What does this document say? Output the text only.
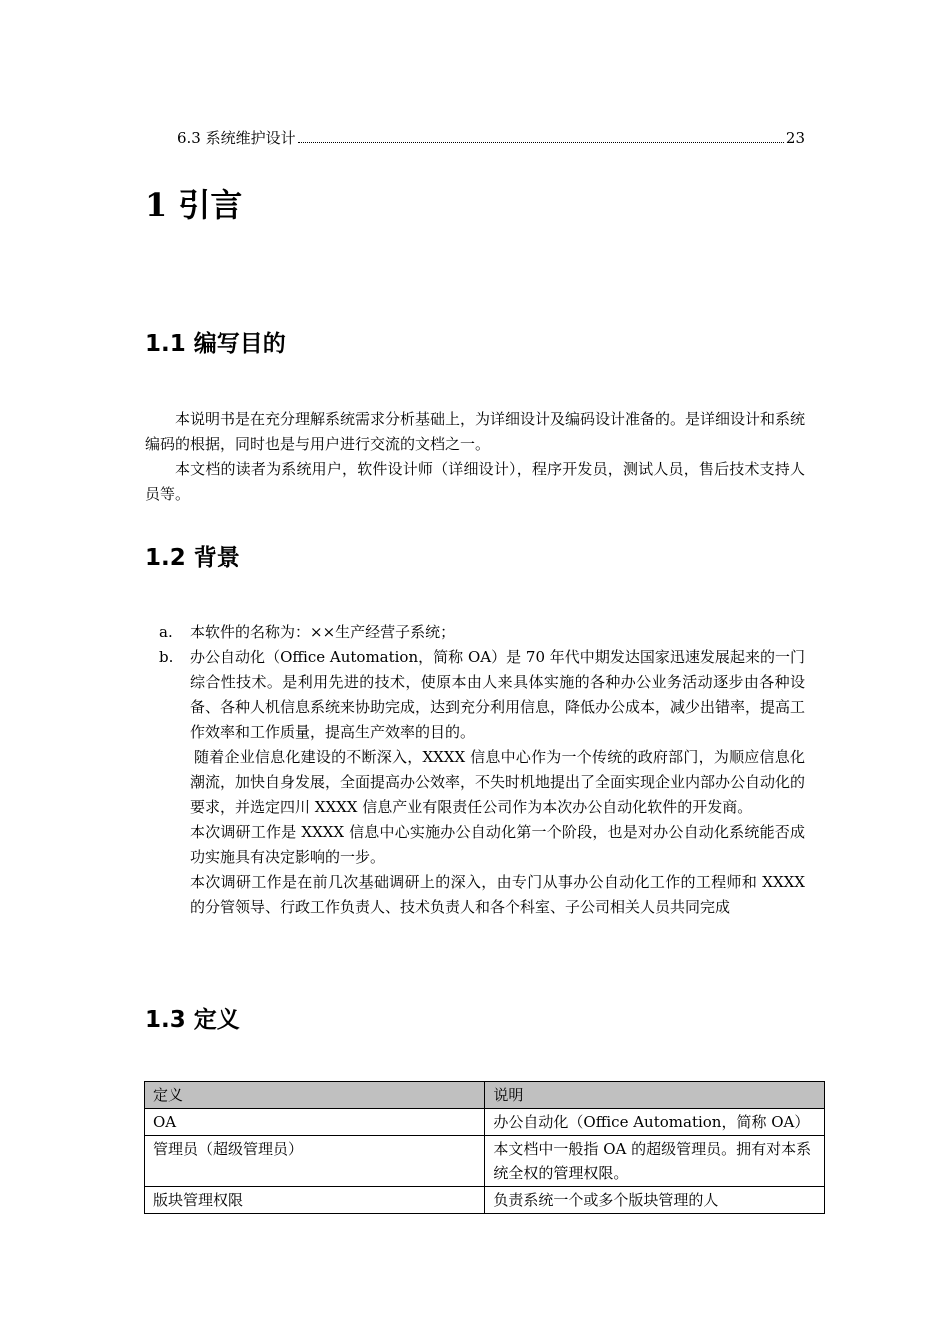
6.3 系统维护设计	23
1 引言
1.1 编写目的

本说明书是在充分理解系统需求分析基础上，为详细设计及编码设计准备的。是详细设计和系统编码的根据，同时也是与用户进行交流的文档之一。

本文档的读者为系统用户，软件设计师（详细设计），程序开发员，测试人员，售后技术支持人员等。

1.2 背景
a.	本软件的名称为：××生产经营子系统；
b.	办公自动化（Office Automation，简称 OA）是 70 年代中期发达国家迅速发展起来的一门综合性技术。是利用先进的技术，使原本由人来具体实施的各种办公业务活动逐步由各种设备、各种人机信息系统来协助完成，达到充分利用信息，降低办公成本，减少出错率，提高工作效率和工作质量，提高生产效率的目的。

随着企业信息化建设的不断深入，XXXX 信息中心作为一个传统的政府部门，为顺应信息化潮流，加快自身发展，全面提高办公效率，不失时机地提出了全面实现企业内部办公自动化的要求，并选定四川 XXXX 信息产业有限责任公司作为本次办公自动化软件的开发商。

本次调研工作是 XXXX 信息中心实施办公自动化第一个阶段，也是对办公自动化系统能否成功实施具有决定影响的一步。

本次调研工作是在前几次基础调研上的深入，由专门从事办公自动化工作的工程师和 XXXX 的分管领导、行政工作负责人、技术负责人和各个科室、子公司相关人员共同完成

1.3 定义
定义	说明
OA	办公自动化（Office Automation，简称 OA）
管理员（超级管理员）	本文档中一般指 OA 的超级管理员。拥有对本系统全权的管理权限。
版块管理权限	负责系统一个或多个版块管理的人
